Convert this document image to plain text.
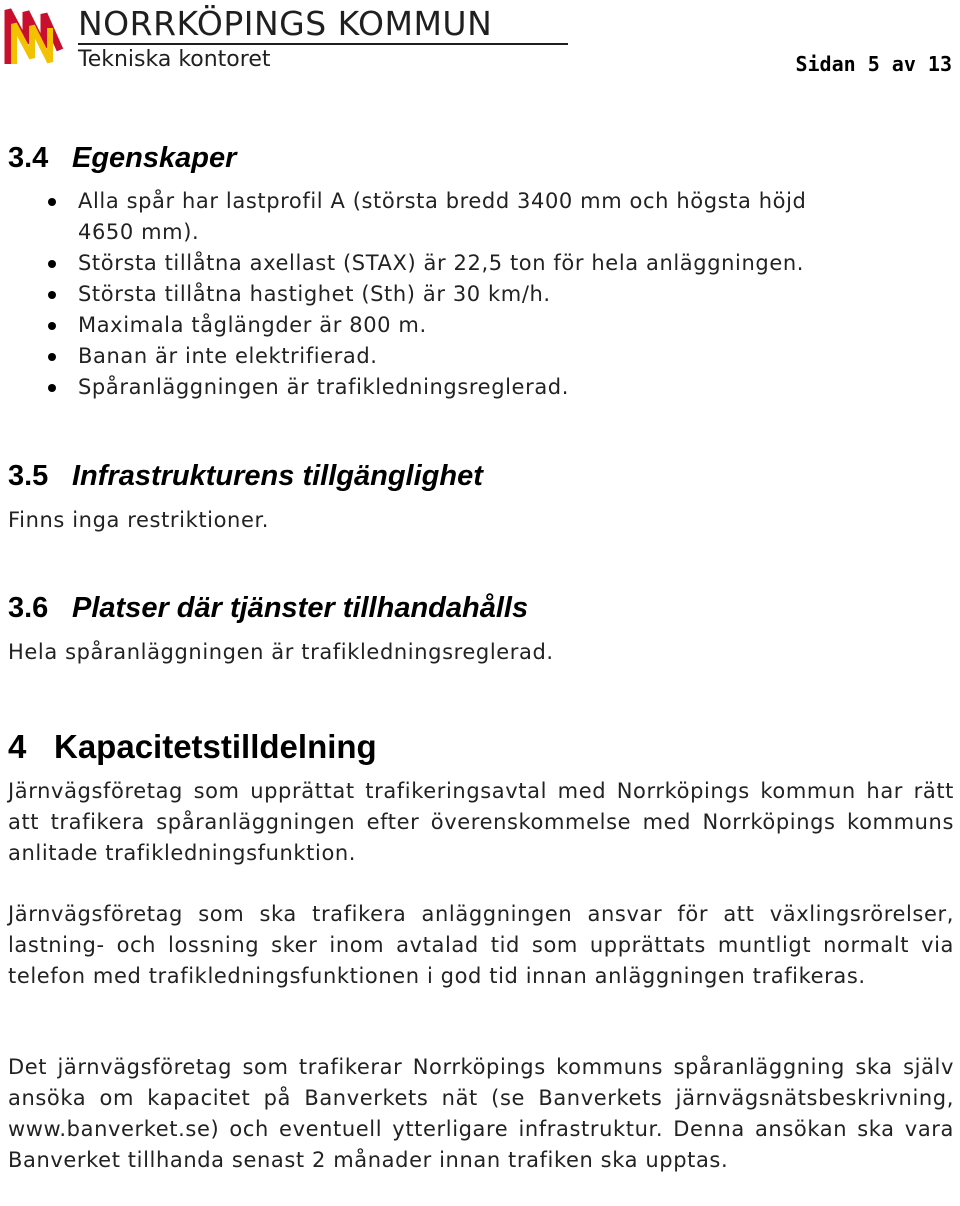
NORRKÖPINGS KOMMUN
Tekniska kontoret	Sidan 5 av 13
3.4 Egenskaper
Alla spår har lastprofil A (största bredd 3400 mm och högsta höjd
4650 mm).
Största tillåtna axellast (STAX) är 22,5 ton för hela anläggningen.
Största tillåtna hastighet (Sth) är 30 km/h.
Maximala tåglängder är 800 m.
Banan är inte elektrifierad.
Spåranläggningen är trafikledningsreglerad.
3.5 Infrastrukturens tillgänglighet

Finns inga restriktioner.

3.6 Platser där tjänster tillhandahålls

Hela spåranläggningen är trafikledningsreglerad.

4 Kapacitetstilldelning

Järnvägsföretag som upprättat trafikeringsavtal med Norrköpings kommun har rätt att trafikera spåranläggningen efter överenskommelse med Norrköpings kommuns anlitade trafikledningsfunktion.

Järnvägsföretag som ska trafikera anläggningen ansvar för att växlingsrörelser, lastning- och lossning sker inom avtalad tid som upprättats muntligt normalt via telefon med trafikledningsfunktionen i god tid innan anläggningen trafikeras.

Det järnvägsföretag som trafikerar Norrköpings kommuns spåranläggning ska själv ansöka om kapacitet på Banverkets nät (se Banverkets järnvägsnätsbeskrivning, www.banverket.se) och eventuell ytterligare infrastruktur. Denna ansökan ska vara Banverket tillhanda senast 2 månader innan trafiken ska upptas.
